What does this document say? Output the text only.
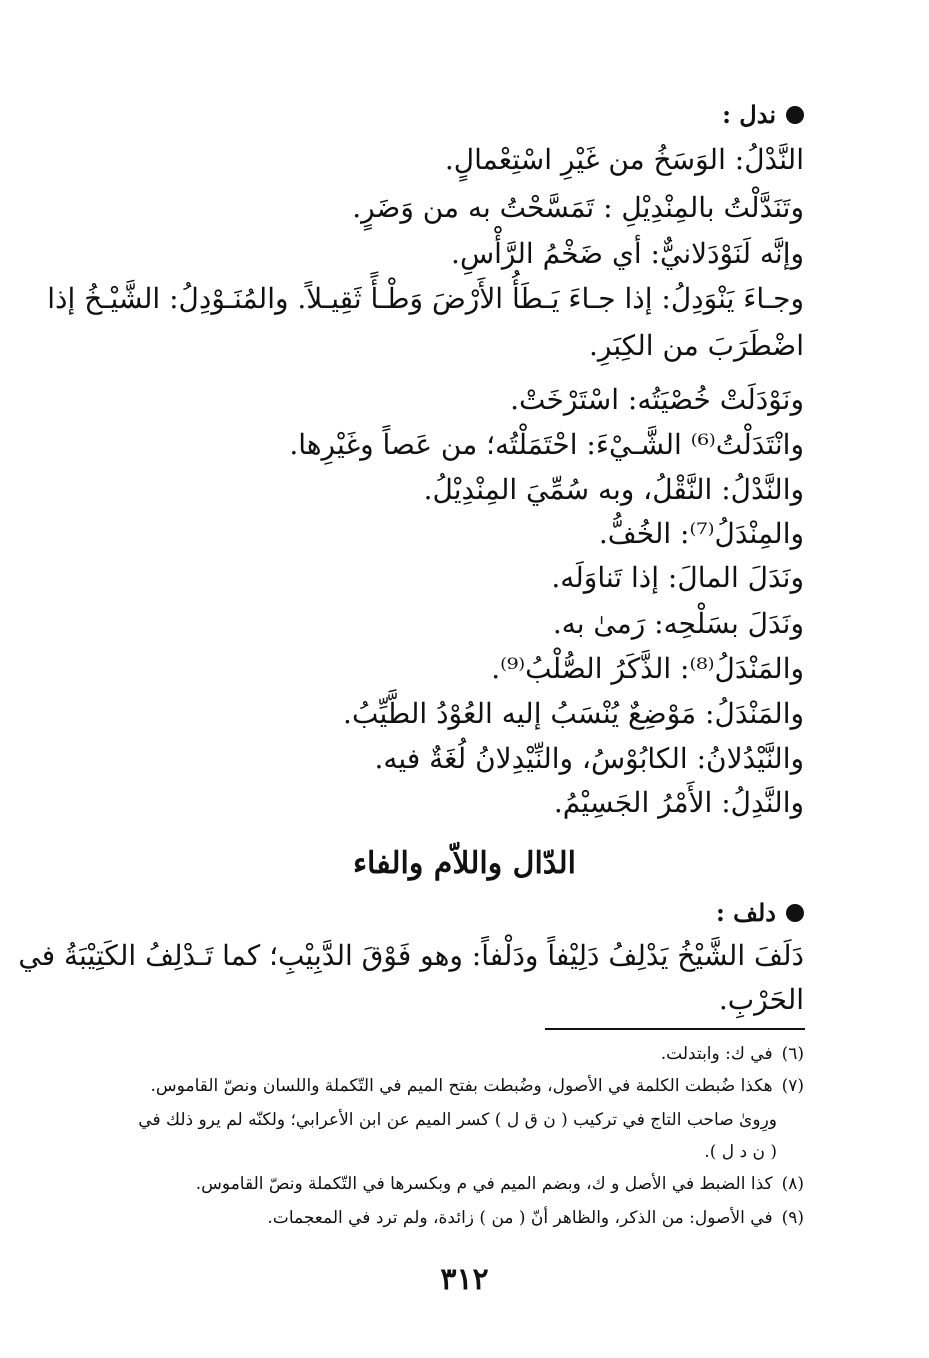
ندل :
النَّدْلُ: الوَسَخُ من غَيْرِ اسْتِعْمالٍ.
وتَنَدَّلْتُ بالمِنْدِيْلِ : تَمَسَّحْتُ به من وَضَرٍ.
وإنَّه لَنَوْدَلانيٌّ: أي ضَخْمُ الرَّأْسِ.
وجـاءَ يَنْوَدِلُ: إذا جـاءَ يَـطَأُ الأَرْضَ وَطْـأً ثَقِيـلاً. والمُنَـوْدِلُ: الشَّيْـخُ إذا
اضْطَرَبَ من الكِبَرِ.
ونَوْدَلَتْ خُصْيَتُه: اسْتَرْخَتْ.
وانْتَدَلْتُ⁽⁶⁾ الشَّـيْءَ: احْتَمَلْتُه؛ من عَصاً وغَيْرِها.
والنَّدْلُ: النَّقْلُ، وبه سُمِّيَ المِنْدِيْلُ.
والمِنْدَلُ⁽⁷⁾: الخُفُّ.
ونَدَلَ المالَ: إذا تَناوَلَه.
ونَدَلَ بسَلْحِه: رَمىٰ به.
والمَنْدَلُ⁽⁸⁾: الذَّكَرُ الصُّلْبُ⁽⁹⁾.
والمَنْدَلُ: مَوْضِعٌ يُنْسَبُ إليه العُوْدُ الطَّيِّبُ.
والنَّيْدُلانُ: الكابُوْسُ، والنِّيْدِلانُ لُغَةٌ فيه.
والنَّدِلُ: الأَمْرُ الجَسِيْمُ.
الدّال واللاّم والفاء
دلف :
دَلَفَ الشَّيْخُ يَدْلِفُ دَلِيْفاً ودَلْفاً: وهو فَوْقَ الدَّبِيْبِ؛ كما تَـدْلِفُ الكَتِيْبَةُ في
الحَرْبِ.
(٦) في ك: وابتدلت.
(٧) هكذا ضُبطت الكلمة في الأصول، وضُبطت بفتح الميم في التّكملة واللسان ونصّ القاموس.
ورِوىٰ صاحب التاج في تركيب ( ن ق ل ) كسر الميم عن ابن الأعرابي؛ ولكنّه لم يرو ذلك في
( ن د ل ).
(٨) كذا الضبط في الأصل و ك، وبضم الميم في م وبكسرها في التّكملة ونصّ القاموس.
(٩) في الأصول: من الذكر، والظاهر أنّ ( من ) زائدة، ولم ترد في المعجمات.
٣١٢
